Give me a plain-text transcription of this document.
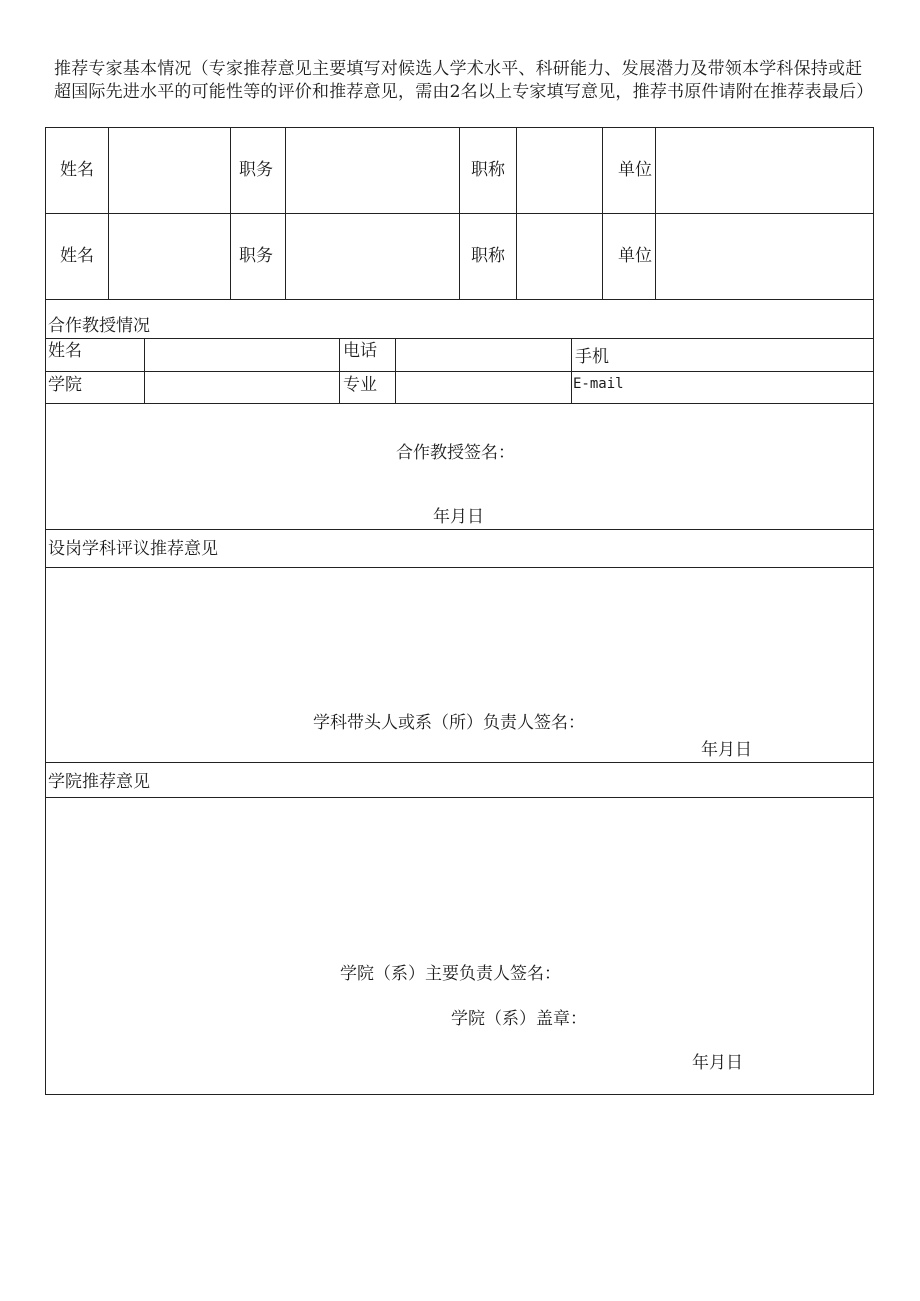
推荐专家基本情况（专家推荐意见主要填写对候选人学术水平、科研能力、发展潜力及带领本学科保持或赶超国际先进水平的可能性等的评价和推荐意见，需由2名以上专家填写意见，推荐书原件请附在推荐表最后）
姓名	职务	职称	单位
姓名	职务	职称	单位
合作教授情况
姓名	电话	手机
学院	专业	E-mail
合作教授签名：
年月日
设岗学科评议推荐意见
学科带头人或系（所）负责人签名：
年月日
学院推荐意见
学院（系）主要负责人签名：
学院（系）盖章：
年月日
